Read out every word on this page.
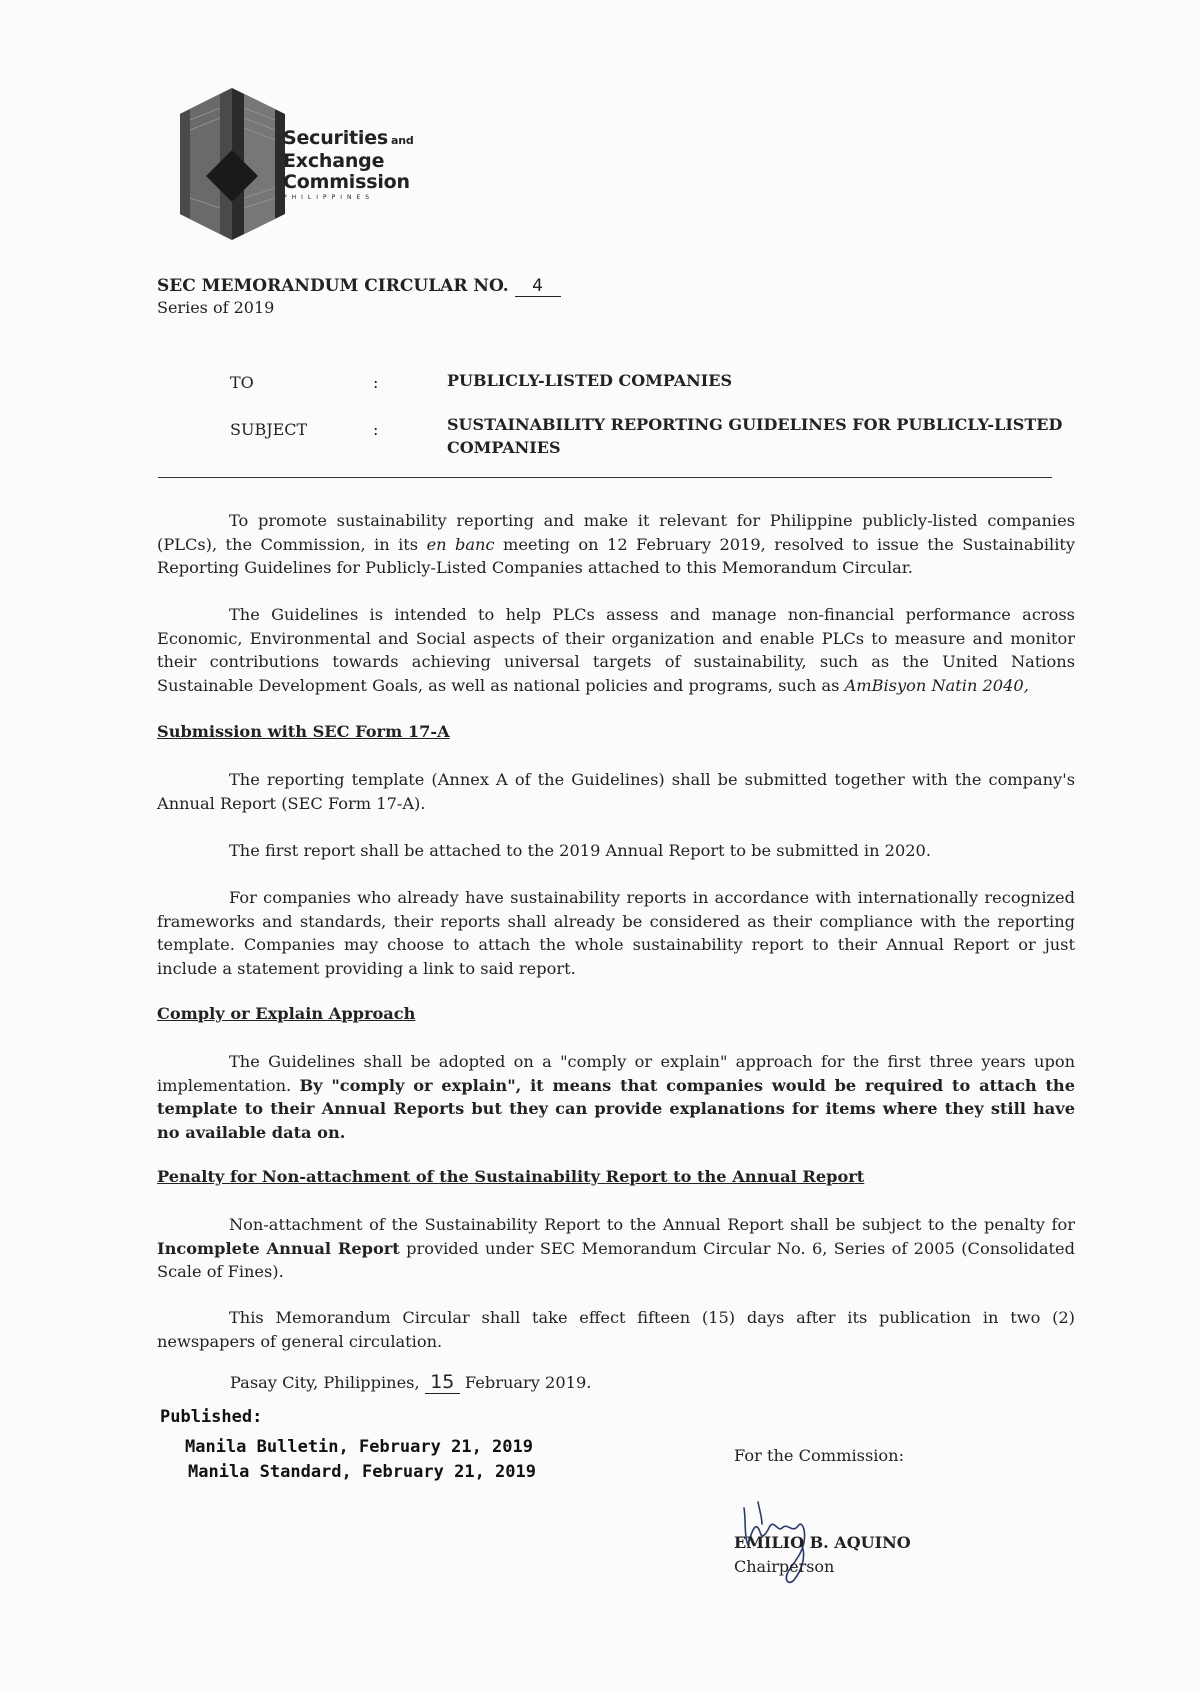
Securities and
Exchange
Commission
PHILIPPINES
SEC MEMORANDUM CIRCULAR NO. 4
Series of 2019
TO	:	PUBLICLY-LISTED COMPANIES
SUBJECT	:	SUSTAINABILITY REPORTING GUIDELINES FOR PUBLICLY-LISTED
COMPANIES
To promote sustainability reporting and make it relevant for Philippine publicly-listed companies (PLCs), the Commission, in its en banc meeting on 12 February 2019, resolved to issue the Sustainability Reporting Guidelines for Publicly-Listed Companies attached to this Memorandum Circular.
The Guidelines is intended to help PLCs assess and manage non-financial performance across Economic, Environmental and Social aspects of their organization and enable PLCs to measure and monitor their contributions towards achieving universal targets of sustainability, such as the United Nations Sustainable Development Goals, as well as national policies and programs, such as AmBisyon Natin 2040,
Submission with SEC Form 17-A
The reporting template (Annex A of the Guidelines) shall be submitted together with the company's Annual Report (SEC Form 17-A).
The first report shall be attached to the 2019 Annual Report to be submitted in 2020.
For companies who already have sustainability reports in accordance with internationally recognized frameworks and standards, their reports shall already be considered as their compliance with the reporting template. Companies may choose to attach the whole sustainability report to their Annual Report or just include a statement providing a link to said report.
Comply or Explain Approach
The Guidelines shall be adopted on a "comply or explain" approach for the first three years upon implementation. By "comply or explain", it means that companies would be required to attach the template to their Annual Reports but they can provide explanations for items where they still have no available data on.
Penalty for Non-attachment of the Sustainability Report to the Annual Report
Non-attachment of the Sustainability Report to the Annual Report shall be subject to the penalty for Incomplete Annual Report provided under SEC Memorandum Circular No. 6, Series of 2005 (Consolidated Scale of Fines).
This Memorandum Circular shall take effect fifteen (15) days after its publication in two (2) newspapers of general circulation.
Pasay City, Philippines, 15 February 2019.
Published:
Manila Bulletin, February 21, 2019
Manila Standard, February 21, 2019
For the Commission:
EMILIO B. AQUINO
Chairperson
